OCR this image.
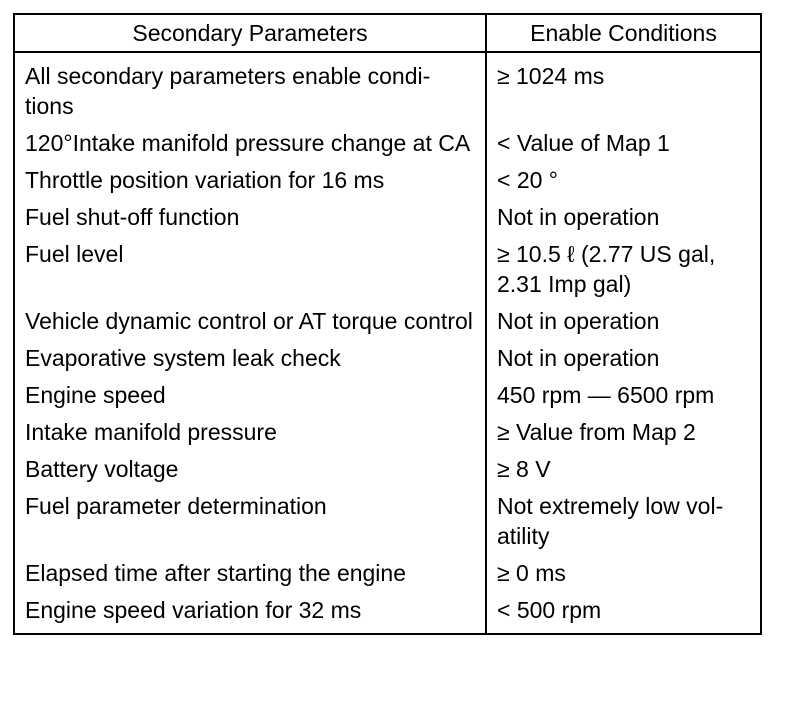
Secondary Parameters	Enable Conditions
All secondary parameters enable condi-tions	≥ 1024 ms
120°Intake manifold pressure change at CA	< Value of Map 1
Throttle position variation for 16 ms	< 20 °
Fuel shut-off function	Not in operation
Fuel level	≥ 10.5 ℓ (2.77 US gal, 2.31 Imp gal)
Vehicle dynamic control or AT torque control	Not in operation
Evaporative system leak check	Not in operation
Engine speed	450 rpm — 6500 rpm
Intake manifold pressure	≥ Value from Map 2
Battery voltage	≥ 8 V
Fuel parameter determination	Not extremely low vol-atility
Elapsed time after starting the engine	≥ 0 ms
Engine speed variation for 32 ms	< 500 rpm
